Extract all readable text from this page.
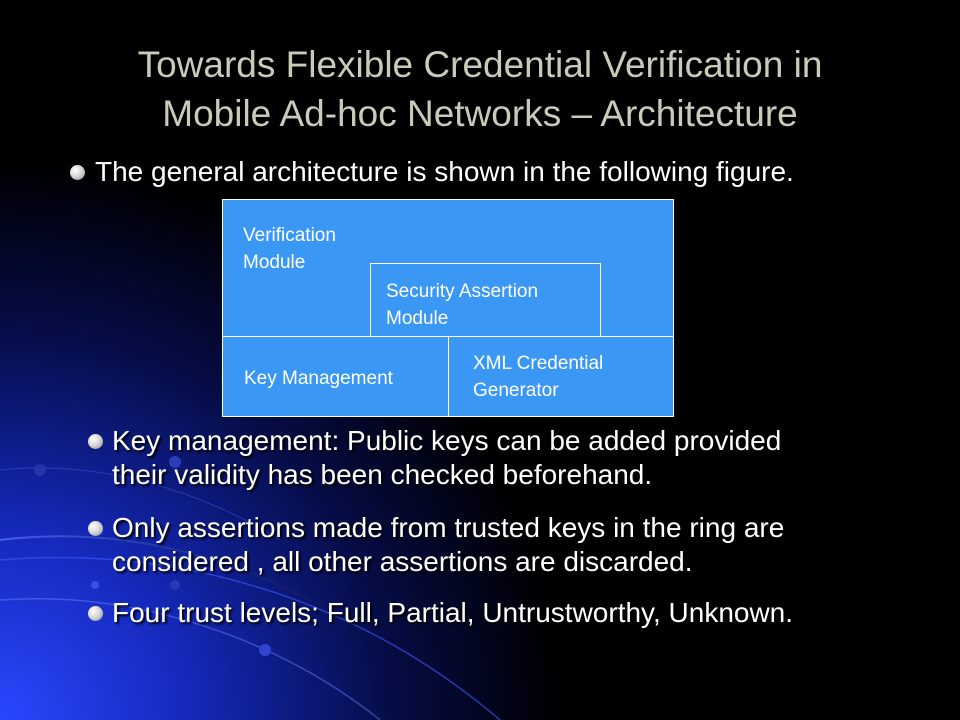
Towards Flexible Credential Verification in
Mobile Ad-hoc Networks – Architecture
The general architecture is shown in the following figure.
Verification
Module
Security Assertion
Module
Key Management
XML Credential
Generator
Key management: Public keys can be added provided
their validity has been checked beforehand.
Only assertions made from trusted keys in the ring are
considered , all other assertions are discarded.
Four trust levels; Full, Partial, Untrustworthy, Unknown.
